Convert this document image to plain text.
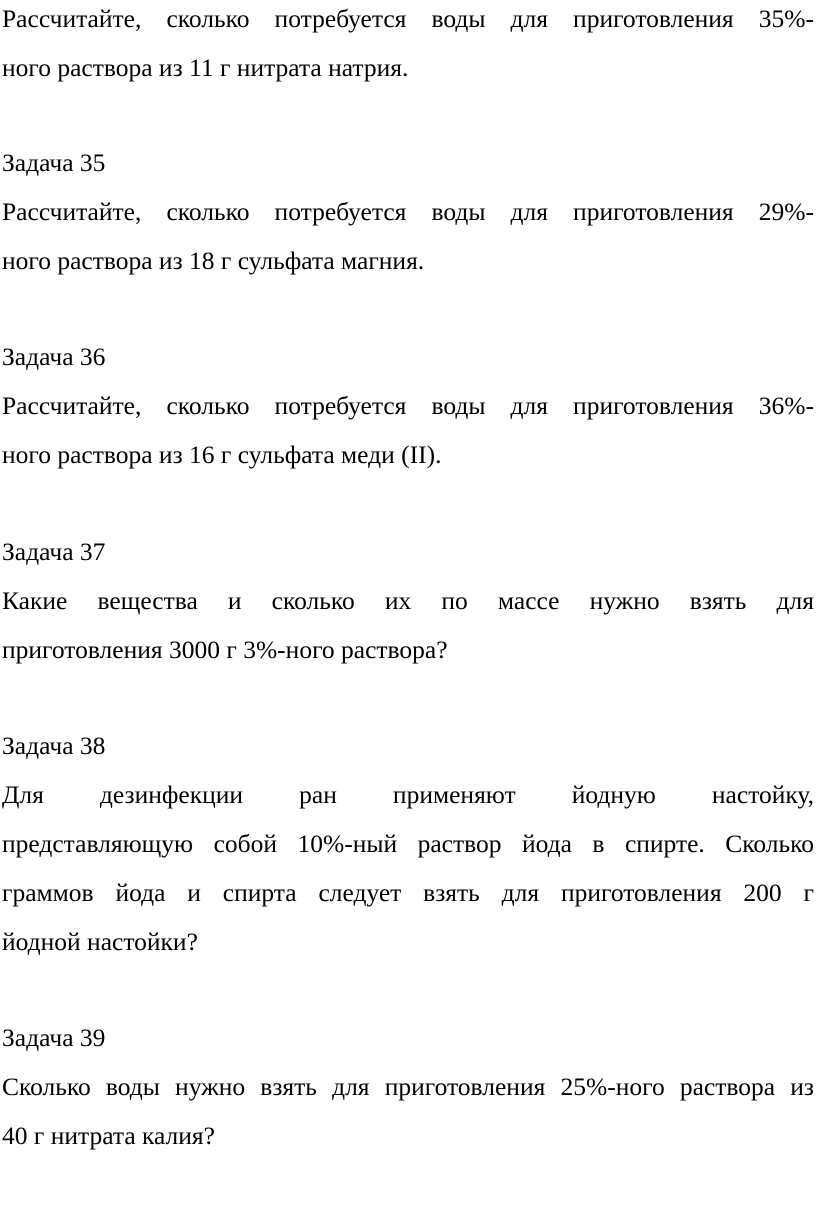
Рассчитайте, сколько потребуется воды для приготовления 35%-
ного раствора из 11 г нитрата натрия.
Задача 35
Рассчитайте, сколько потребуется воды для приготовления 29%-
ного раствора из 18 г сульфата магния.
Задача 36
Рассчитайте, сколько потребуется воды для приготовления 36%-
ного раствора из 16 г сульфата меди (II).
Задача 37
Какие вещества и сколько их по массе нужно взять для
приготовления 3000 г 3%-ного раствора?
Задача 38
Для дезинфекции ран применяют йодную настойку,
представляющую собой 10%-ный раствор йода в спирте. Сколько
граммов йода и спирта следует взять для приготовления 200 г
йодной настойки?
Задача 39
Сколько воды нужно взять для приготовления 25%-ного раствора из
40 г нитрата калия?
